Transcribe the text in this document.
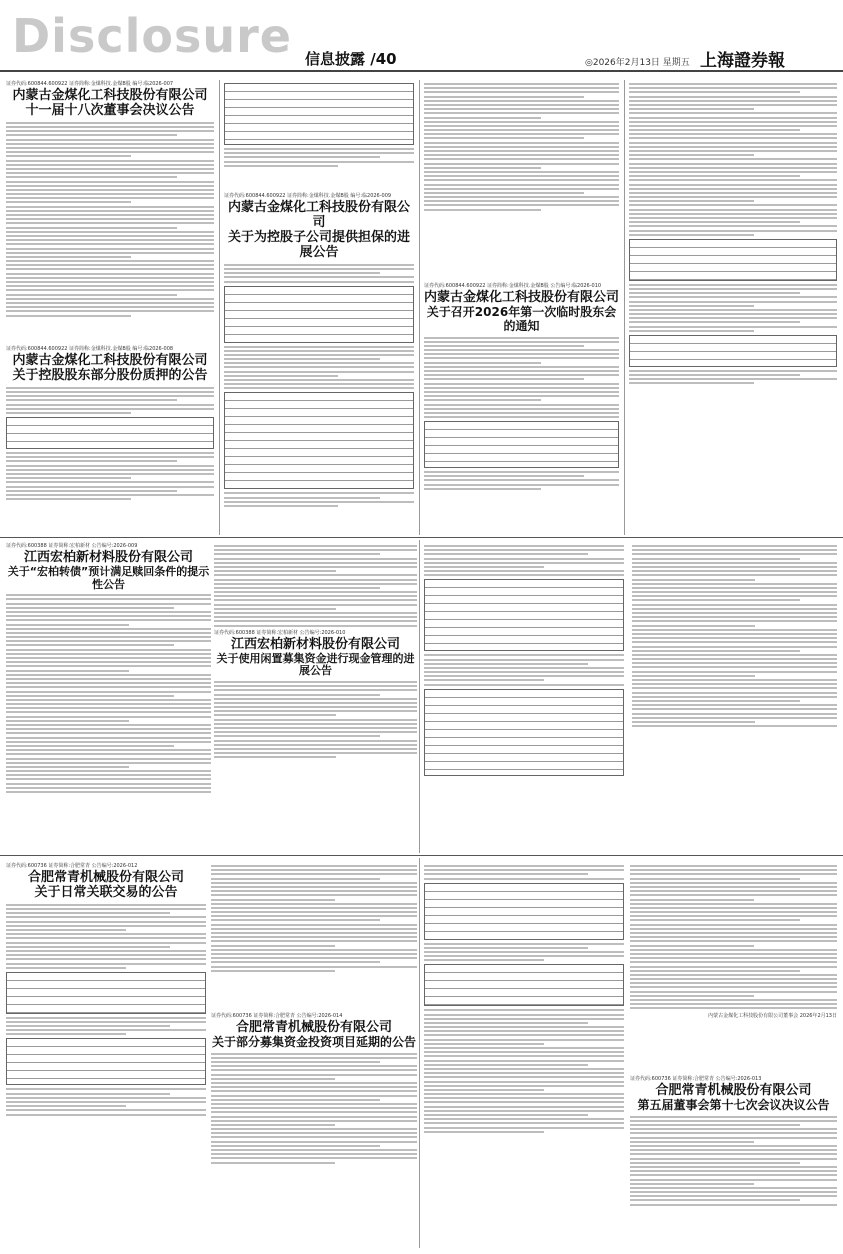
Disclosure 信息披露 /40	◎2026年2月13日 星期五 上海證券報
证券代码:600844.600922 证券简称:金煤科技.金煤B股 编号:临2026-007
内蒙古金煤化工科技股份有限公司
十一届十八次董事会决议公告
证券代码:600844.600922 证券简称:金煤科技.金煤B股 编号:临2026-008
内蒙古金煤化工科技股份有限公司
关于控股股东部分股份质押的公告
证券代码:600844.600922 证券简称:金煤科技.金煤B股 编号:临2026-009
内蒙古金煤化工科技股份有限公司
关于为控股子公司提供担保的进展公告
证券代码:600844.600922 证券简称:金煤科技.金煤B股 公告编号:临2026-010
内蒙古金煤化工科技股份有限公司
关于召开2026年第一次临时股东会的通知
证券代码:600388 证券简称:宏柏新材 公告编号:2026-009
江西宏柏新材料股份有限公司
关于“宏柏转债”预计满足赎回条件的提示性公告
证券代码:600388 证券简称:宏柏新材 公告编号:2026-010
江西宏柏新材料股份有限公司
关于使用闲置募集资金进行现金管理的进展公告
证券代码:600736 证券简称:合肥常青 公告编号:2026-012
合肥常青机械股份有限公司
关于日常关联交易的公告
证券代码:600736 证券简称:合肥常青 公告编号:2026-014
合肥常青机械股份有限公司
关于部分募集资金投资项目延期的公告
内蒙古金煤化工科技股份有限公司董事会 2026年2月13日
证券代码:600736 证券简称:合肥常青 公告编号:2026-013
合肥常青机械股份有限公司
第五届董事会第十七次会议决议公告
